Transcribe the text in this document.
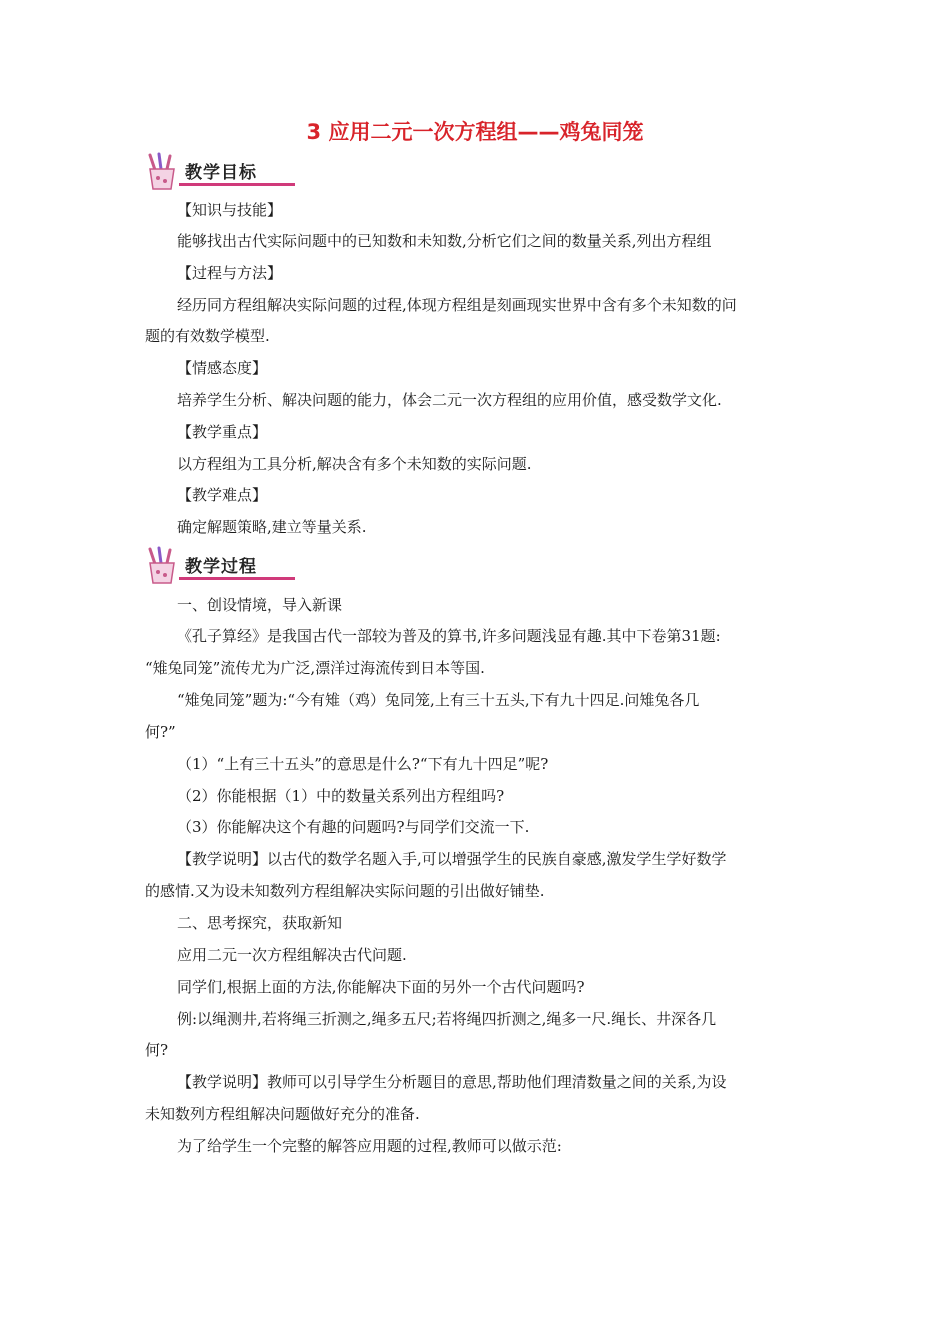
3 应用二元一次方程组——鸡兔同笼
教学目标
【知识与技能】
能够找出古代实际问题中的已知数和未知数,分析它们之间的数量关系,列出方程组
【过程与方法】
经历同方程组解决实际问题的过程,体现方程组是刻画现实世界中含有多个未知数的问
题的有效数学模型.
【情感态度】
培养学生分析、解决问题的能力，体会二元一次方程组的应用价值，感受数学文化.
【教学重点】
以方程组为工具分析,解决含有多个未知数的实际问题.
【教学难点】
确定解题策略,建立等量关系.
教学过程
一、创设情境，导入新课
《孔子算经》是我国古代一部较为普及的算书,许多问题浅显有趣.其中下卷第31题:
“雉兔同笼”流传尤为广泛,漂洋过海流传到日本等国.
“雉兔同笼”题为:“今有雉（鸡）兔同笼,上有三十五头,下有九十四足.问雉兔各几
何?”
（1）“上有三十五头”的意思是什么?“下有九十四足”呢?
（2）你能根据（1）中的数量关系列出方程组吗?
（3）你能解决这个有趣的问题吗?与同学们交流一下.
【教学说明】以古代的数学名题入手,可以增强学生的民族自豪感,激发学生学好数学
的感情.又为设未知数列方程组解决实际问题的引出做好铺垫.
二、思考探究，获取新知
应用二元一次方程组解决古代问题.
同学们,根据上面的方法,你能解决下面的另外一个古代问题吗?
例:以绳测井,若将绳三折测之,绳多五尺;若将绳四折测之,绳多一尺.绳长、井深各几
何?
【教学说明】教师可以引导学生分析题目的意思,帮助他们理清数量之间的关系,为设
未知数列方程组解决问题做好充分的准备.
为了给学生一个完整的解答应用题的过程,教师可以做示范:
